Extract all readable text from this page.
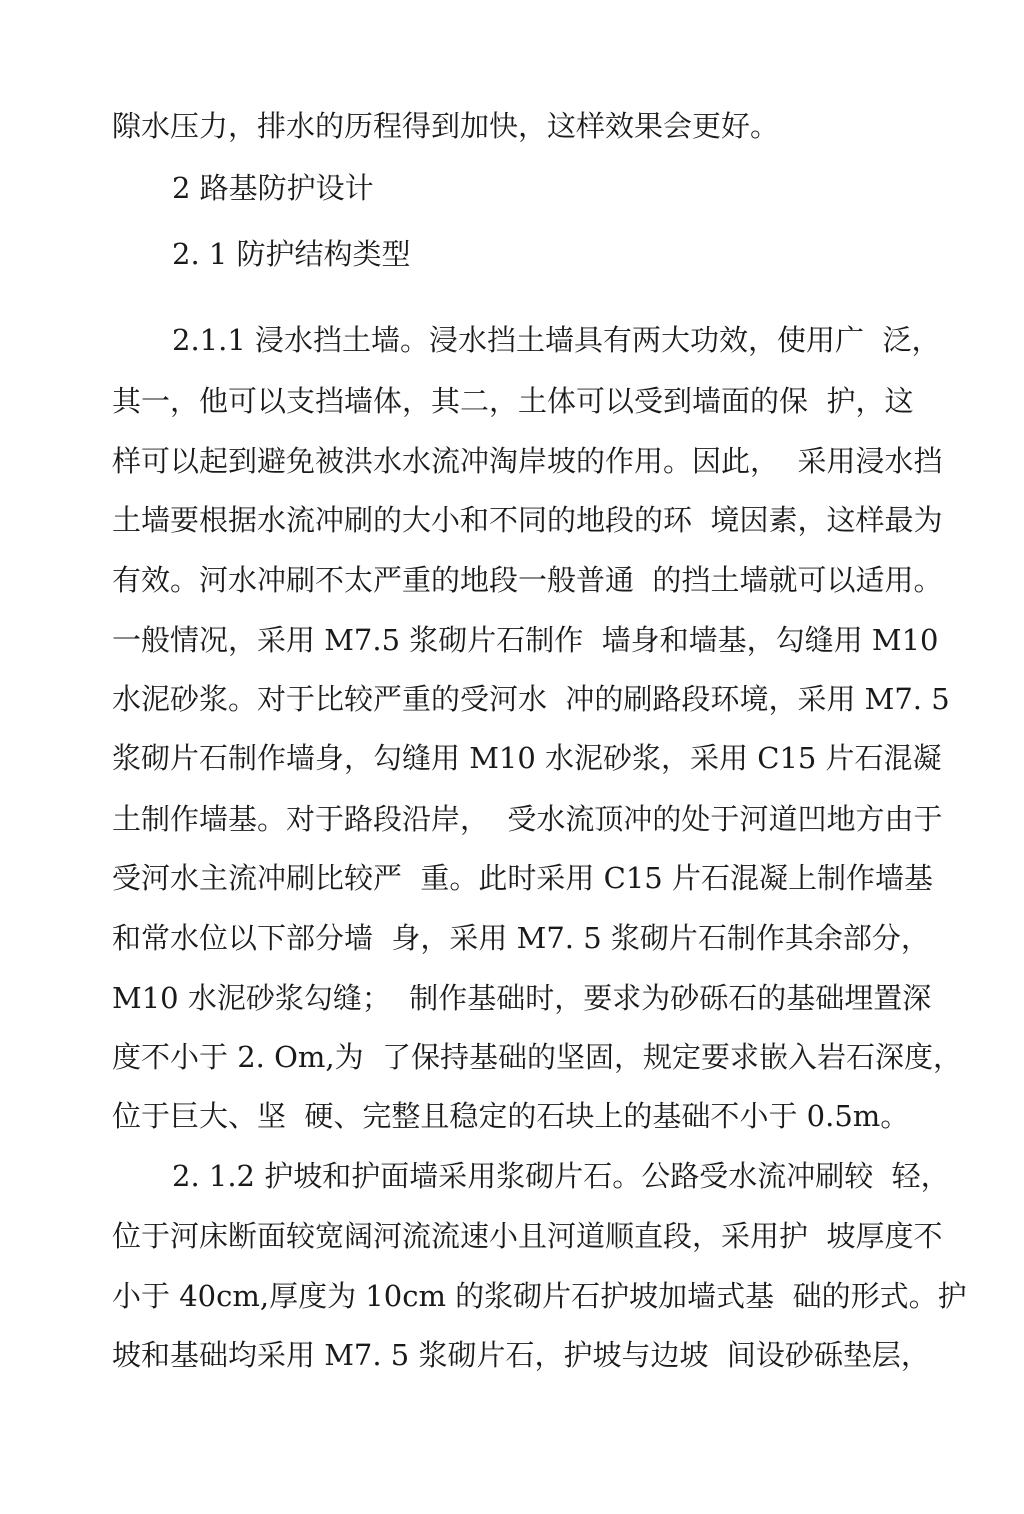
隙水压力，排水的历程得到加快，这样效果会更好。
2 路基防护设计
2. 1 防护结构类型
2.1.1 浸水挡土墙。浸水挡土墙具有两大功效，使用广  泛，
其一，他可以支挡墙体，其二，土体可以受到墙面的保  护，这
样可以起到避免被洪水水流冲淘岸坡的作用。因此，  采用浸水挡
土墙要根据水流冲刷的大小和不同的地段的环  境因素，这样最为
有效。河水冲刷不太严重的地段一般普通  的挡土墙就可以适用。
一般情况，采用 M7.5 浆砌片石制作  墙身和墙基，勾缝用 M10
水泥砂浆。对于比较严重的受河水  冲的刷路段环境，采用 M7. 5
浆砌片石制作墙身，勾缝用 M10 水泥砂浆，采用 C15 片石混凝
土制作墙基。对于路段沿岸，  受水流顶冲的处于河道凹地方由于
受河水主流冲刷比较严  重。此时采用 C15 片石混凝上制作墙基
和常水位以下部分墙  身，采用 M7. 5 浆砌片石制作其余部分，
M10 水泥砂浆勾缝；  制作基础时，要求为砂砾石的基础埋置深
度不小于 2. Om,为  了保持基础的坚固，规定要求嵌入岩石深度，
位于巨大、坚  硬、完整且稳定的石块上的基础不小于 0.5m。
2. 1.2 护坡和护面墙采用浆砌片石。公路受水流冲刷较  轻，
位于河床断面较宽阔河流流速小且河道顺直段，采用护  坡厚度不
小于 40cm,厚度为 10cm 的浆砌片石护坡加墙式基  础的形式。护
坡和基础均采用 M7. 5 浆砌片石，护坡与边坡  间设砂砾垫层，
